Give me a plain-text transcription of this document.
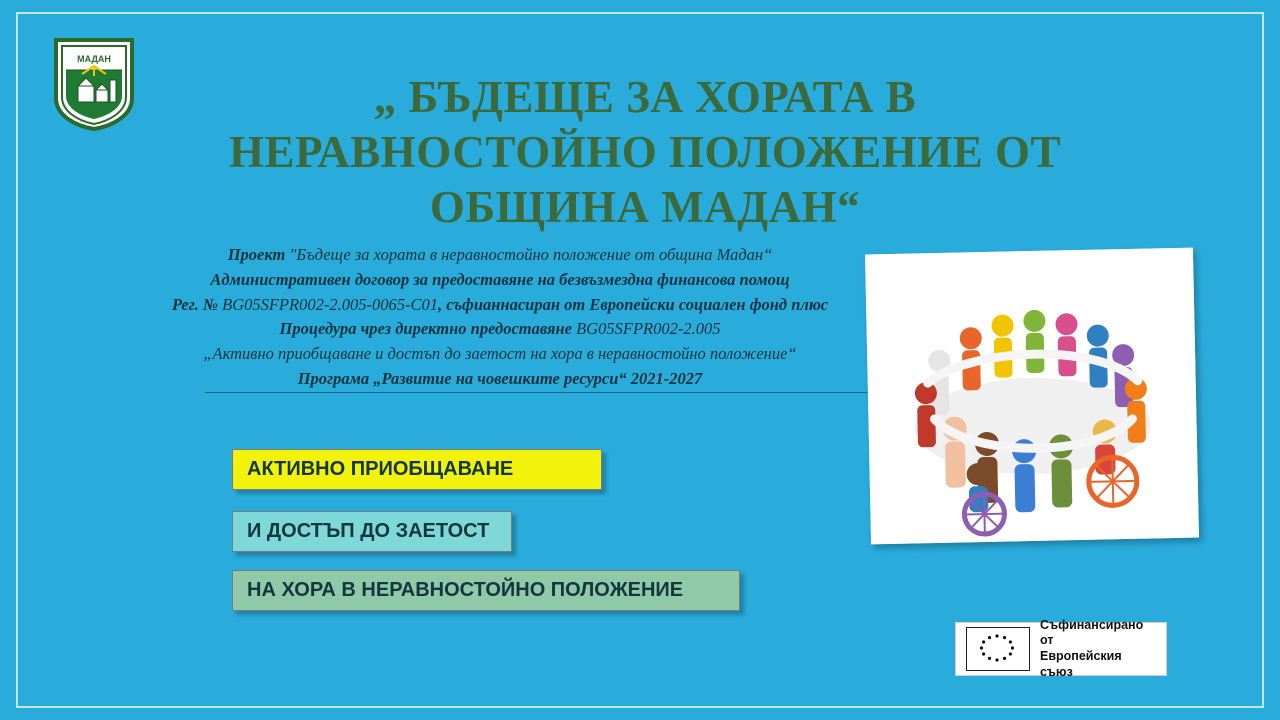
МАДАН
„ БЪДЕЩЕ ЗА ХОРАТА В
НЕРАВНОСТОЙНО ПОЛОЖЕНИЕ ОТ
ОБЩИНА МАДАН“
Проект "Бъдеще за хората в неравностойно положение от община Мадан“
Административен договор за предоставяне на безвъзмездна финансова помощ
Рег. № BG05SFPR002-2.005-0065-C01, съфианнасиран от Европейски социален фонд плюс
Процедура чрез директно предоставяне BG05SFPR002-2.005
„Активно приобщаване и достъп до заетост на хора в неравностойно положение“
Програма „Развитие на човешките ресурси“ 2021-2027
АКТИВНО ПРИОБЩАВАНЕ
И ДОСТЪП ДО ЗАЕТОСТ
НА ХОРА В НЕРАВНОСТОЙНО ПОЛОЖЕНИЕ
Съфинансирано от
Европейския съюз
